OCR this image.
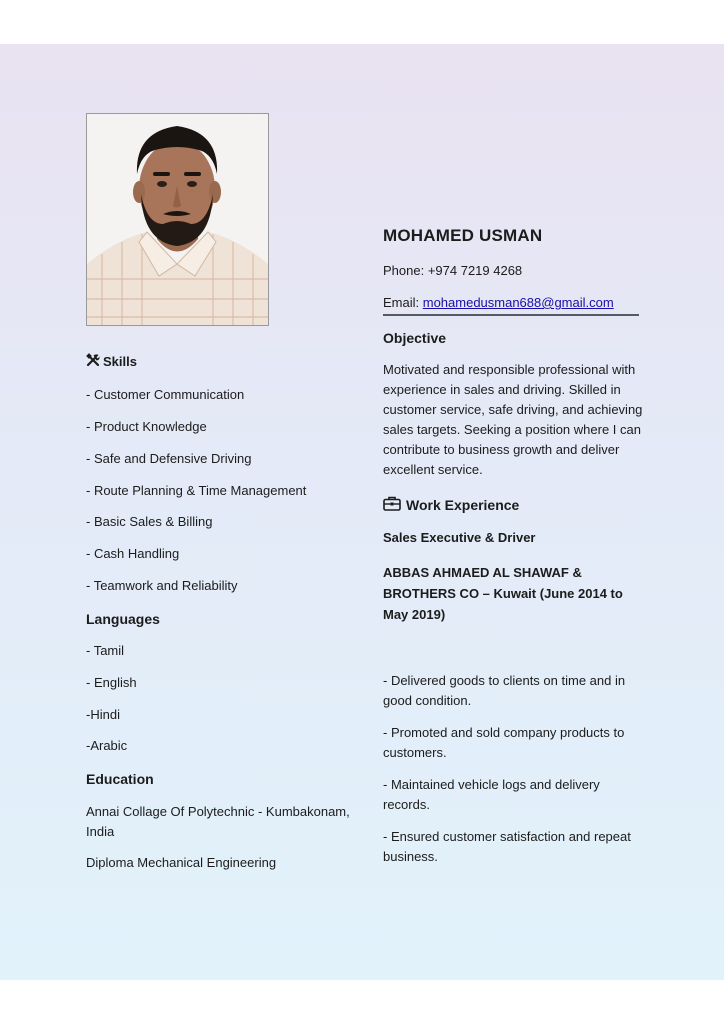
MOHAMED USMAN
Phone: +974 7219 4268
Email: mohamedusman688@gmail.com
Objective
Motivated and responsible professional with experience in sales and driving. Skilled in customer service, safe driving, and achieving sales targets. Seeking a position where I can contribute to business growth and deliver excellent service.
Work Experience
Sales Executive & Driver
ABBAS AHMAED AL SHAWAF & BROTHERS CO – Kuwait (June 2014 to May 2019)
- Delivered goods to clients on time and in good condition.
- Promoted and sold company products to customers.
- Maintained vehicle logs and delivery records.
- Ensured customer satisfaction and repeat business.
Skills
- Customer Communication
- Product Knowledge
- Safe and Defensive Driving
- Route Planning & Time Management
- Basic Sales & Billing
- Cash Handling
- Teamwork and Reliability
Languages
- Tamil
- English
-Hindi
-Arabic
Education
Annai Collage Of Polytechnic - Kumbakonam, India
Diploma Mechanical Engineering
